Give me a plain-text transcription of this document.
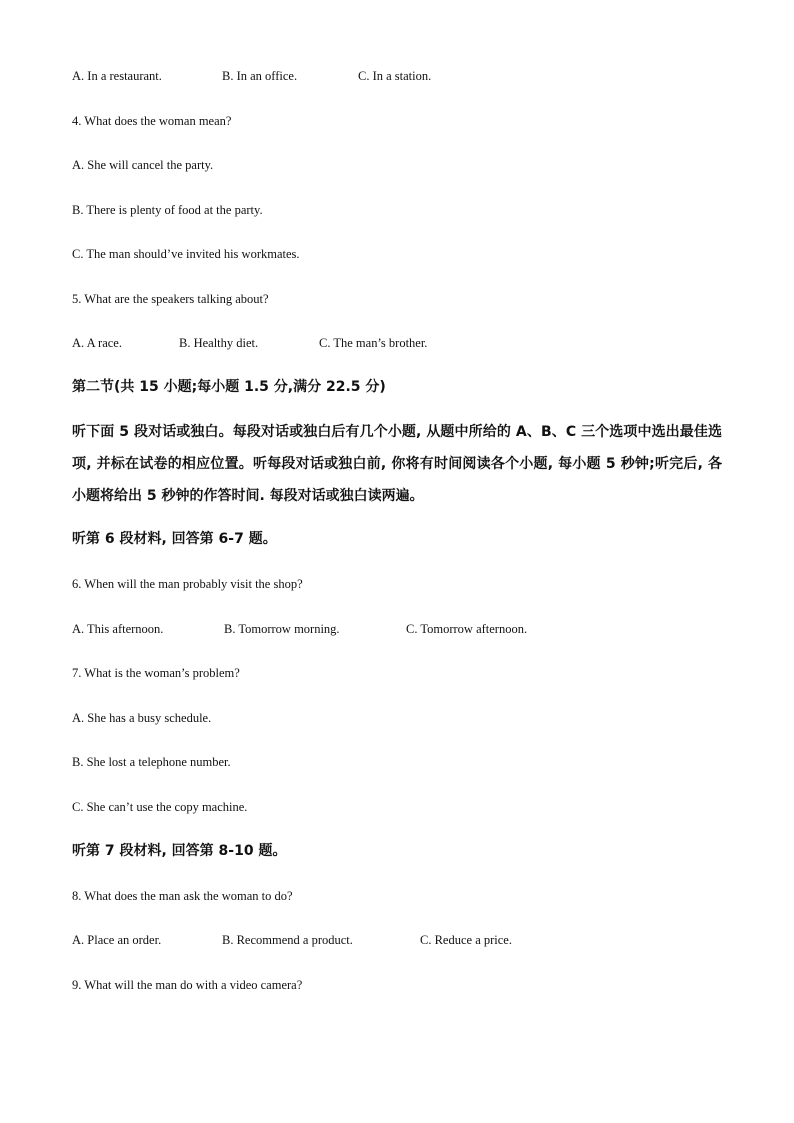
A. In a restaurant.	B. In an office.	C. In a station.
4. What does the woman mean?
A. She will cancel the party.
B. There is plenty of food at the party.
C. The man should’ve invited his workmates.
5. What are the speakers talking about?
A. A race.	B. Healthy diet.	C. The man’s brother.
第二节(共 15 小题;每小题 1.5 分,满分 22.5 分)
听下面 5 段对话或独白。每段对话或独白后有几个小题, 从题中所给的 A、B、C 三个选项中选出最佳选项, 并标在试卷的相应位置。听每段对话或独白前, 你将有时间阅读各个小题, 每小题 5 秒钟;听完后, 各小题将给出 5 秒钟的作答时间. 每段对话或独白读两遍。
听第 6 段材料, 回答第 6-7 题。
6. When will the man probably visit the shop?
A. This afternoon.	B. Tomorrow morning.	C. Tomorrow afternoon.
7. What is the woman’s problem?
A. She has a busy schedule.
B. She lost a telephone number.
C. She can’t use the copy machine.
听第 7 段材料, 回答第 8-10 题。
8. What does the man ask the woman to do?
A. Place an order.	B. Recommend a product.	C. Reduce a price.
9. What will the man do with a video camera?
